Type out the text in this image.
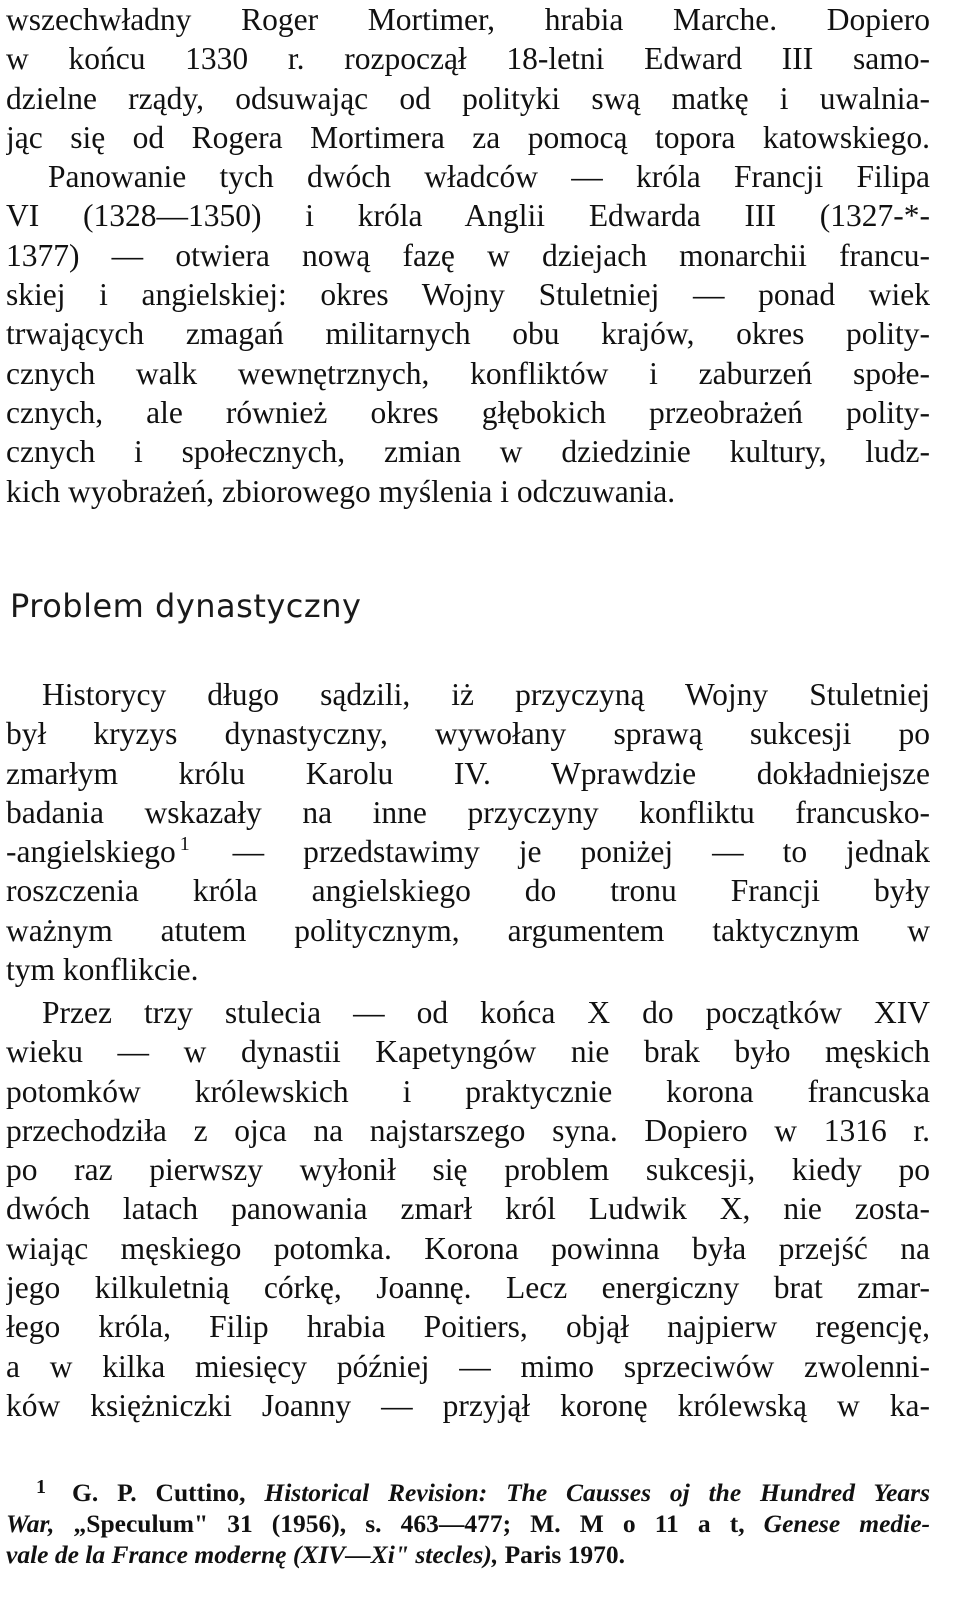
wszechwładny Roger Mortimer, hrabia Marche. Dopiero
w końcu 1330 r. rozpoczął 18-letni Edward III samo-
dzielne rządy, odsuwając od polityki swą matkę i uwalnia-
jąc się od Rogera Mortimera za pomocą topora katowskiego.
Panowanie tych dwóch władców — króla Francji Filipa
VI (1328—1350) i króla Anglii Edwarda III (1327-*-
1377) — otwiera nową fazę w dziejach monarchii francu-
skiej i angielskiej: okres Wojny Stuletniej — ponad wiek
trwających zmagań militarnych obu krajów, okres polity-
cznych walk wewnętrznych, konfliktów i zaburzeń społe-
cznych, ale również okres głębokich przeobrażeń polity-
cznych i społecznych, zmian w dziedzinie kultury, ludz-
kich wyobrażeń, zbiorowego myślenia i odczuwania.
Problem dynastyczny
Historycy długo sądzili, iż przyczyną Wojny Stuletniej
był kryzys dynastyczny, wywołany sprawą sukcesji po
zmarłym królu Karolu IV. Wprawdzie dokładniejsze
badania wskazały na inne przyczyny konfliktu francusko-
-angielskiego $^1$ — przedstawimy je poniżej — to jednak
roszczenia króla angielskiego do tronu Francji były
ważnym atutem politycznym, argumentem taktycznym w
tym konflikcie.
Przez trzy stulecia — od końca X do początków XIV
wieku — w dynastii Kapetyngów nie brak było męskich
potomków królewskich i praktycznie korona francuska
przechodziła z ojca na najstarszego syna. Dopiero w 1316 r.
po raz pierwszy wyłonił się problem sukcesji, kiedy po
dwóch latach panowania zmarł król Ludwik X, nie zosta-
wiając męskiego potomka. Korona powinna była przejść na
jego kilkuletnią córkę, Joannę. Lecz energiczny brat zmar-
łego króla, Filip hrabia Poitiers, objął najpierw regencję,
a w kilka miesięcy później — mimo sprzeciwów zwolenni-
ków księżniczki Joanny — przyjął koronę królewską w ka-
$^1$ G. P. Cuttino, Historical Revision: The Causses oj the Hundred Years
War, „Speculum" 31 (1956), s. 463—477; M. M o 11 a t, Genese medie-
vale de la France modernę (XIV—Xi" stecles), Paris 1970.
